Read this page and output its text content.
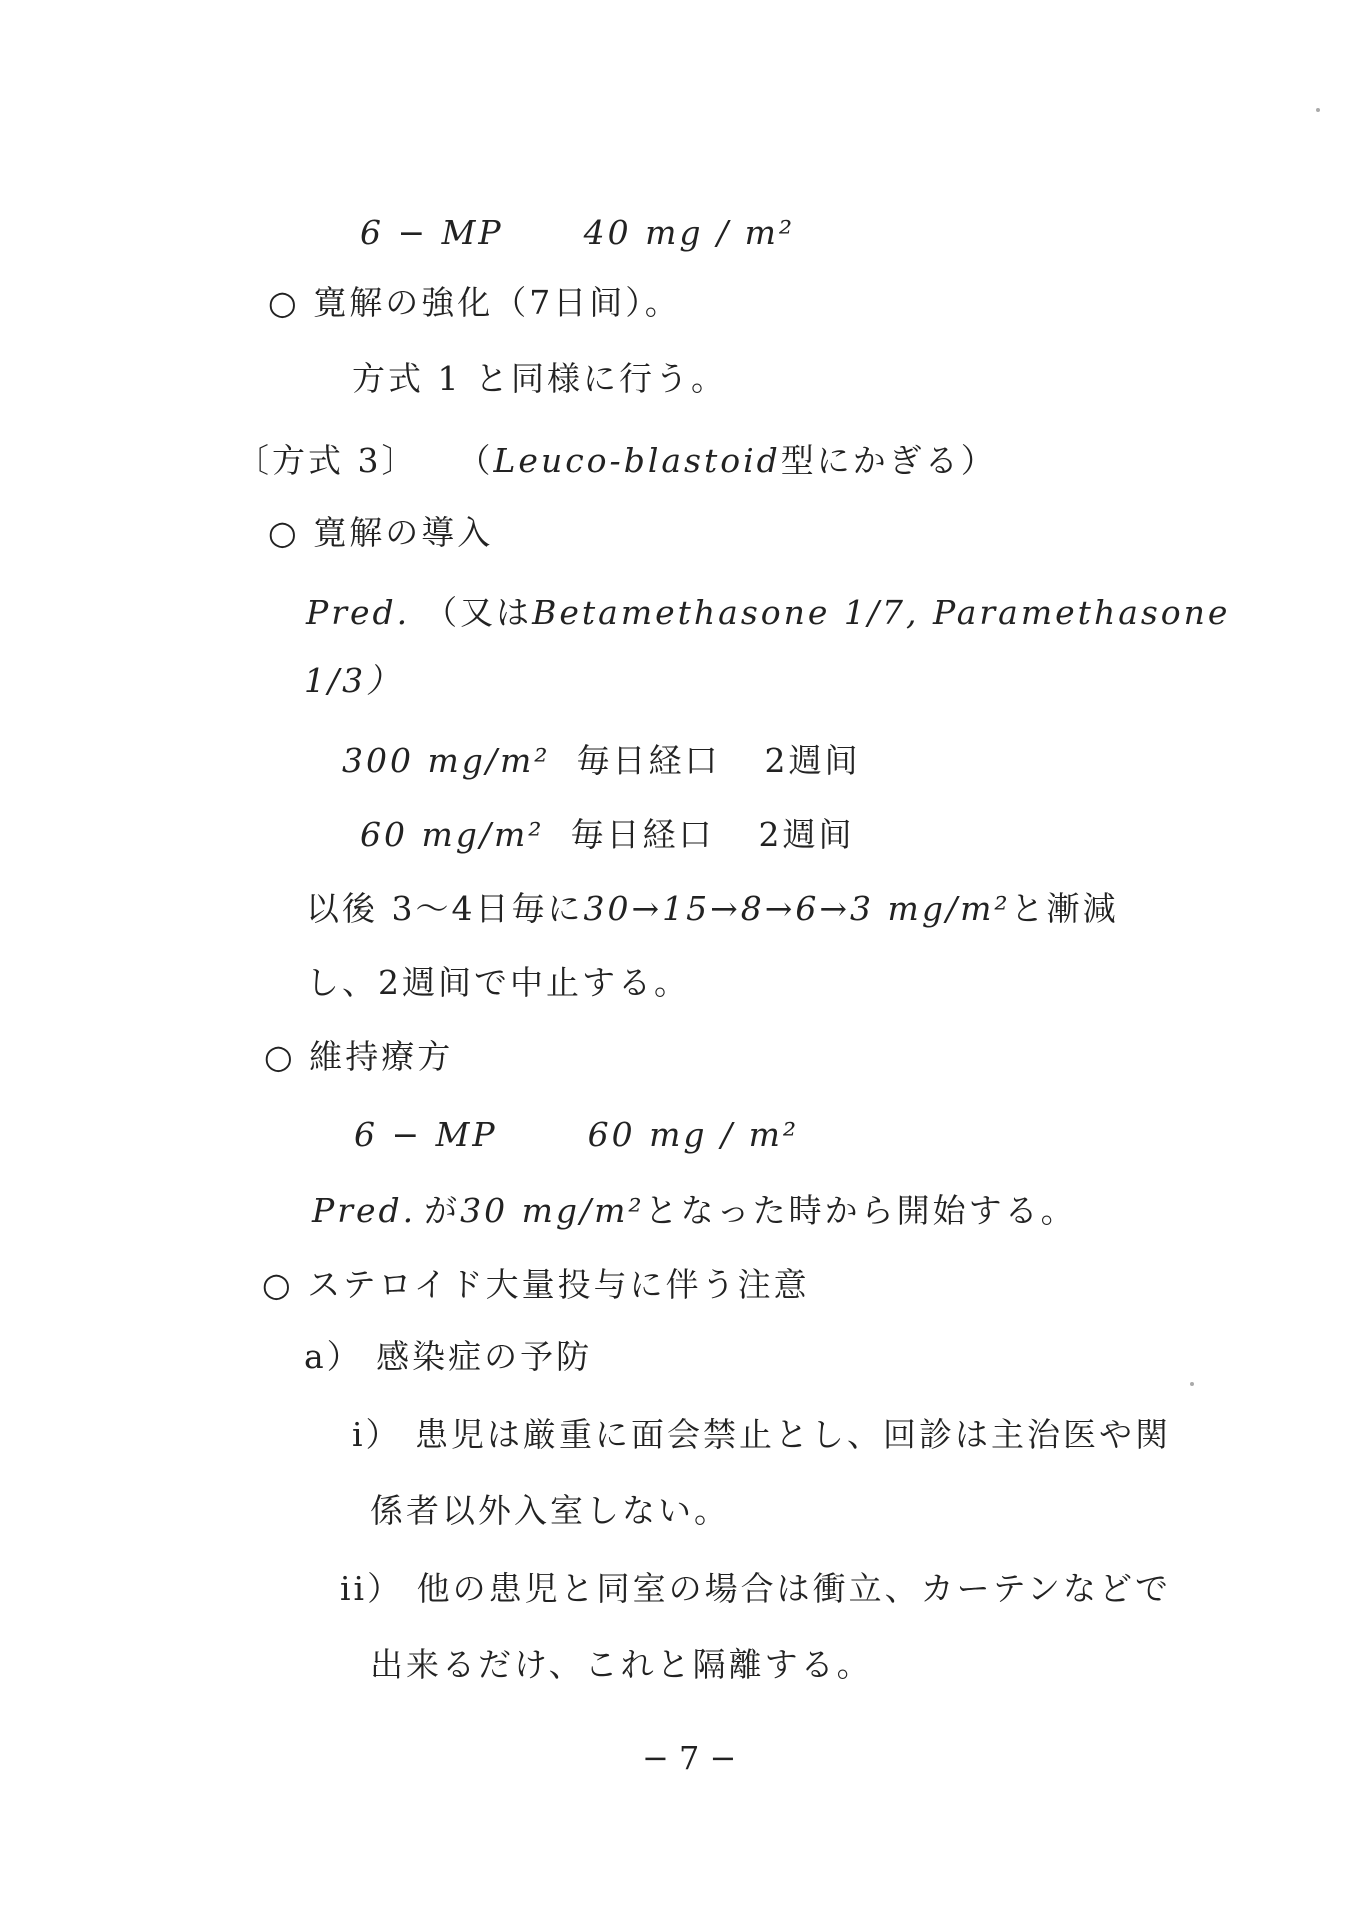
6 − MP 40 mg / m²
○ 寛解の強化（7日间）。
方式 1 と同様に行う。
〔方式 3〕 （Leuco-blastoid型にかぎる）
○ 寛解の導入
Pred. （又はBetamethasone 1/7, Paramethasone
1/3）
300 mg/m² 毎日経口 2週间
60 mg/m² 毎日経口 2週间
以後 3〜4日毎に30→15→8→6→3 mg/m²と漸減
し、2週间で中止する。
○ 維持療方
6 − MP	60 mg / m²
Pred. が30 mg/m²となった時から開始する。
○ ステロイド大量投与に伴う注意
a） 感染症の予防
i） 患児は厳重に面会禁止とし、回診は主治医や関
係者以外入室しない。
ii） 他の患児と同室の場合は衝立、カーテンなどで
出来るだけ、これと隔離する。
− 7 −
